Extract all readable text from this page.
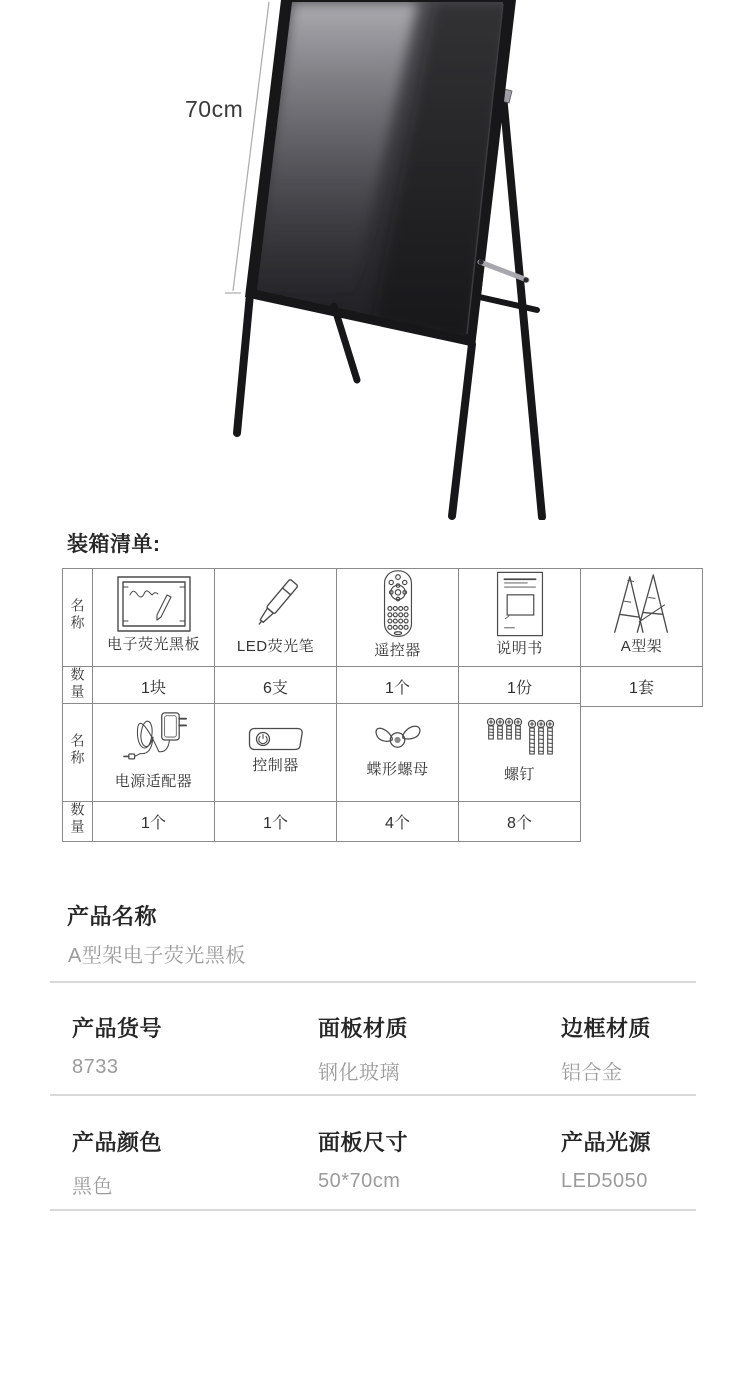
70cm
装箱清单:
名称	电子荧光黑板	LED荧光笔	遥控器	说明书	A型架

数量	1块	6支	1个	1份	1套
名称	电源适配器	控制器	蝶形螺母	螺钉

数量	1个	1个	4个	8个
产品名称
A型架电子荧光黑板
产品货号
8733
面板材质
钢化玻璃
边框材质
铝合金
产品颜色
黑色
面板尺寸
50*70cm
产品光源
LED5050
